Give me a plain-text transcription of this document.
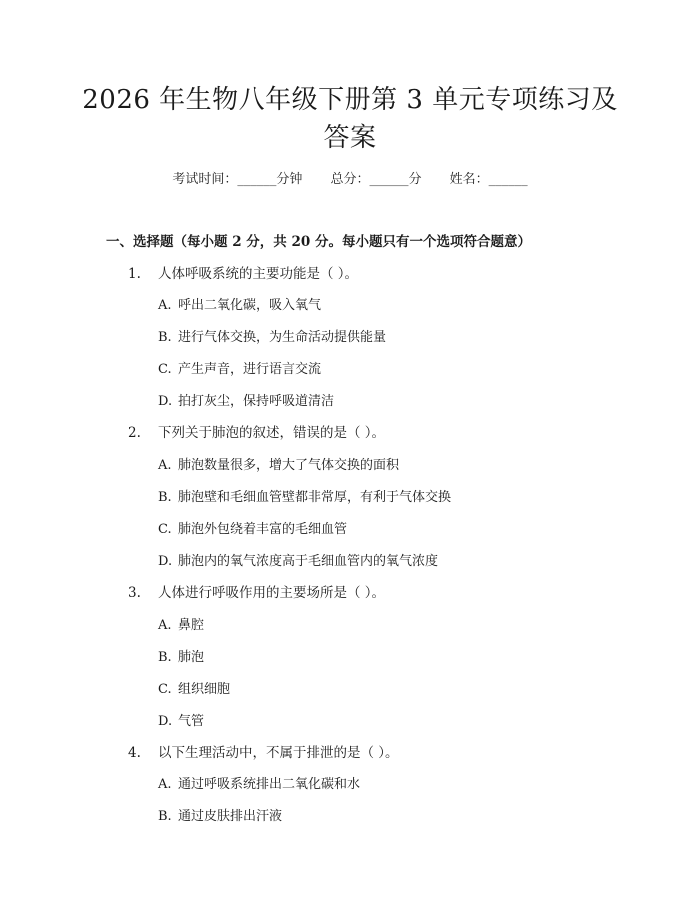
2026 年生物八年级下册第 3 单元专项练习及
答案
考试时间：______分钟 总分：______分 姓名：______
一、选择题（每小题 2 分，共 20 分。每小题只有一个选项符合题意）
1. 人体呼吸系统的主要功能是（ ）。
A. 呼出二氧化碳，吸入氧气
B. 进行气体交换，为生命活动提供能量
C. 产生声音，进行语言交流
D. 拍打灰尘，保持呼吸道清洁
2. 下列关于肺泡的叙述，错误的是（ ）。
A. 肺泡数量很多，增大了气体交换的面积
B. 肺泡壁和毛细血管壁都非常厚，有利于气体交换
C. 肺泡外包绕着丰富的毛细血管
D. 肺泡内的氧气浓度高于毛细血管内的氧气浓度
3. 人体进行呼吸作用的主要场所是（ ）。
A. 鼻腔
B. 肺泡
C. 组织细胞
D. 气管
4. 以下生理活动中，不属于排泄的是（ ）。
A. 通过呼吸系统排出二氧化碳和水
B. 通过皮肤排出汗液
